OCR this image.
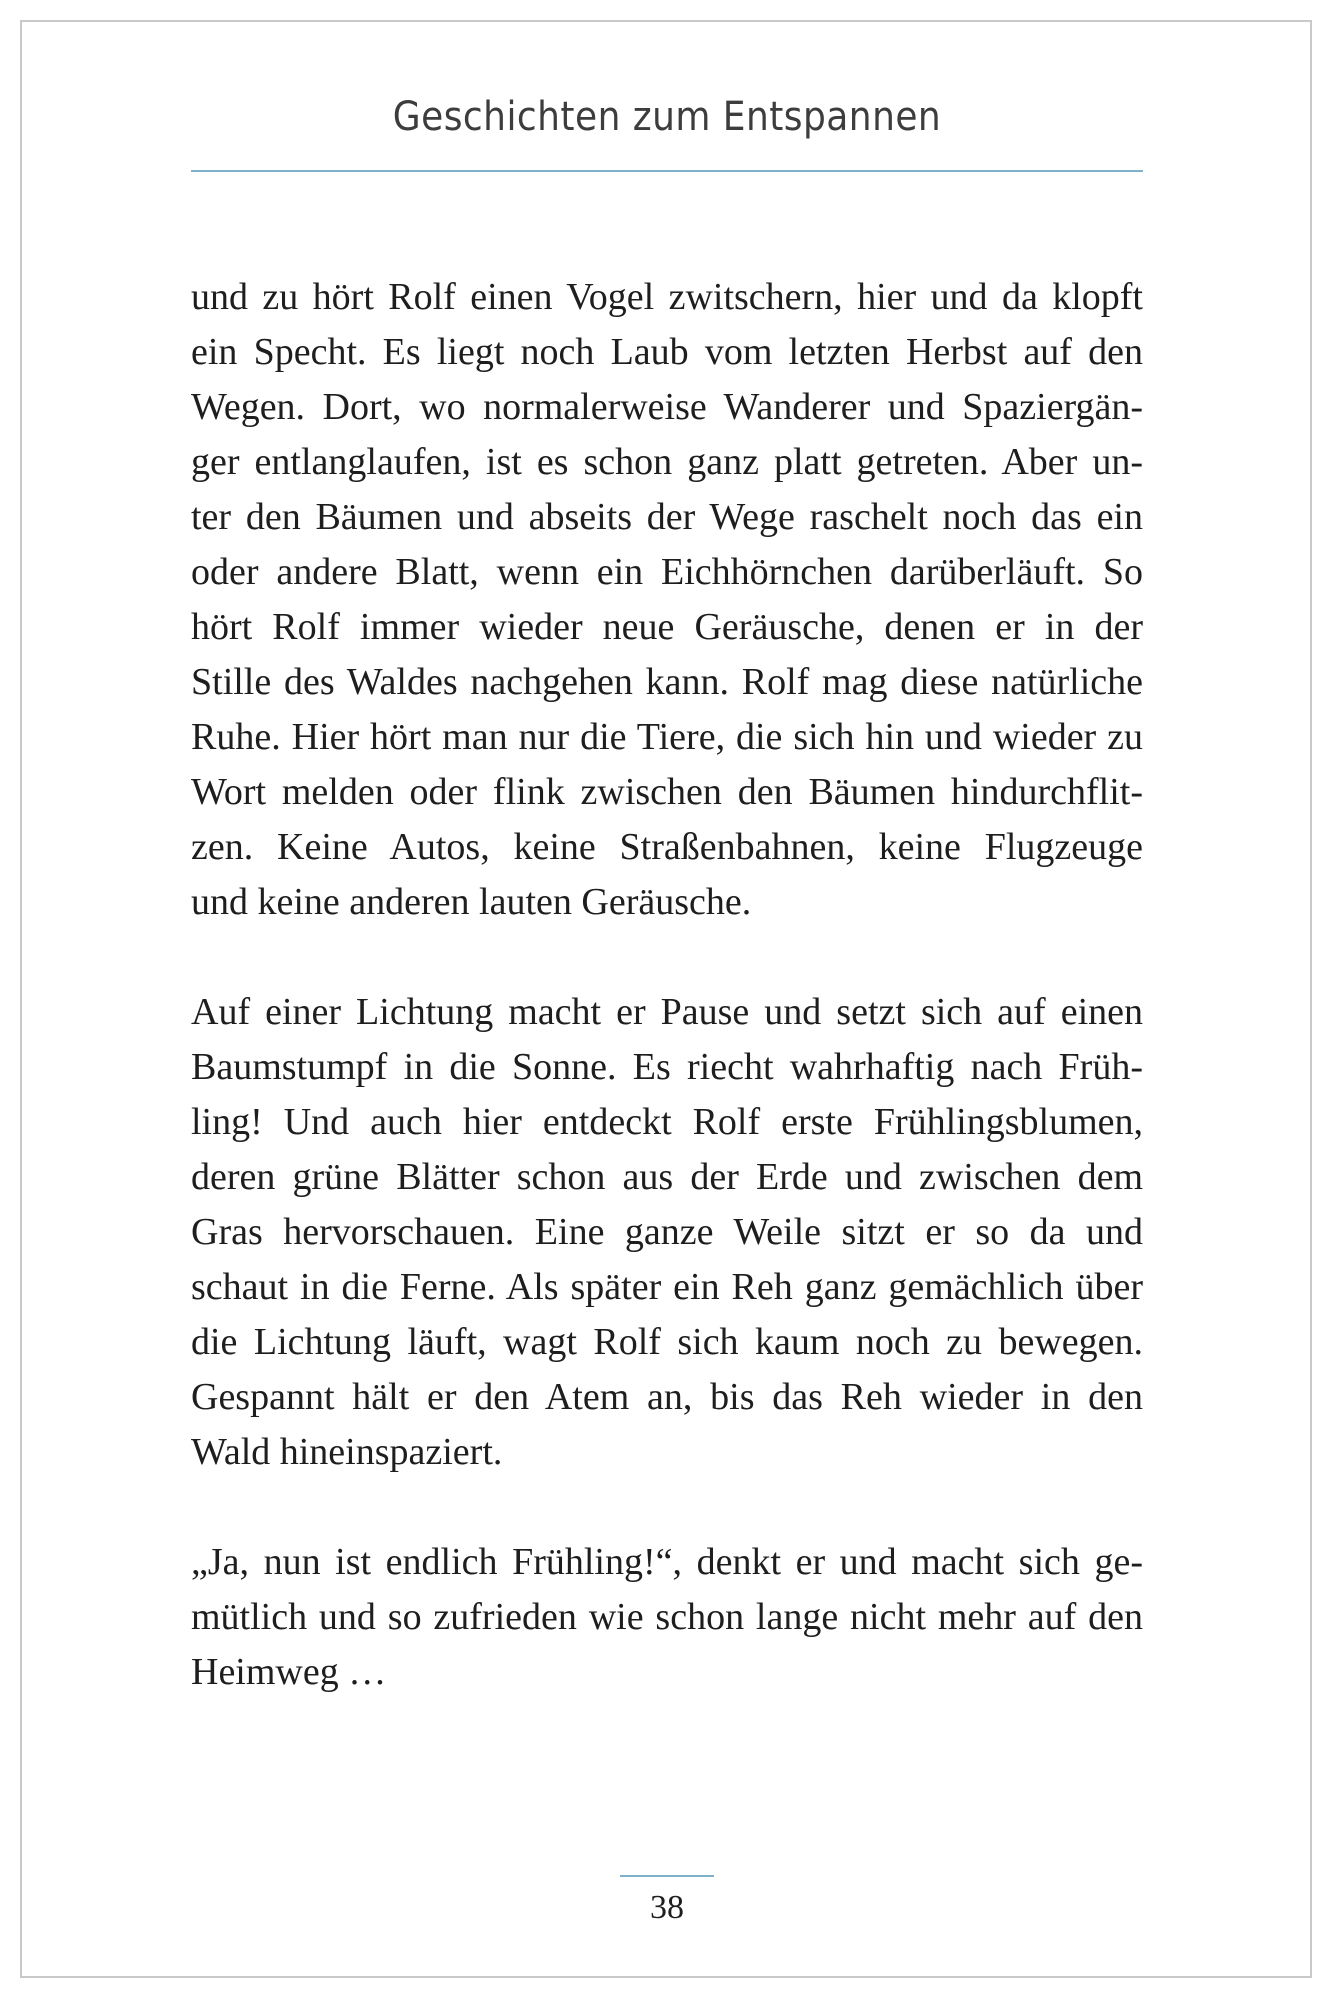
Geschichten zum Entspannen
und zu hört Rolf einen Vogel zwitschern, hier und da klopft
ein Specht. Es liegt noch Laub vom letzten Herbst auf den
Wegen. Dort, wo normalerweise Wanderer und Spaziergän-
ger entlanglaufen, ist es schon ganz platt getreten. Aber un-
ter den Bäumen und abseits der Wege raschelt noch das ein
oder andere Blatt, wenn ein Eichhörnchen darüberläuft. So
hört Rolf immer wieder neue Geräusche, denen er in der
Stille des Waldes nachgehen kann. Rolf mag diese natürliche
Ruhe. Hier hört man nur die Tiere, die sich hin und wieder zu
Wort melden oder flink zwischen den Bäumen hindurchflit-
zen. Keine Autos, keine Straßenbahnen, keine Flugzeuge
und keine anderen lauten Geräusche.
Auf einer Lichtung macht er Pause und setzt sich auf einen
Baumstumpf in die Sonne. Es riecht wahrhaftig nach Früh-
ling! Und auch hier entdeckt Rolf erste Frühlingsblumen,
deren grüne Blätter schon aus der Erde und zwischen dem
Gras hervorschauen. Eine ganze Weile sitzt er so da und
schaut in die Ferne. Als später ein Reh ganz gemächlich über
die Lichtung läuft, wagt Rolf sich kaum noch zu bewegen.
Gespannt hält er den Atem an, bis das Reh wieder in den
Wald hineinspaziert.
„Ja, nun ist endlich Frühling!“, denkt er und macht sich ge-
mütlich und so zufrieden wie schon lange nicht mehr auf den
Heimweg …
38
